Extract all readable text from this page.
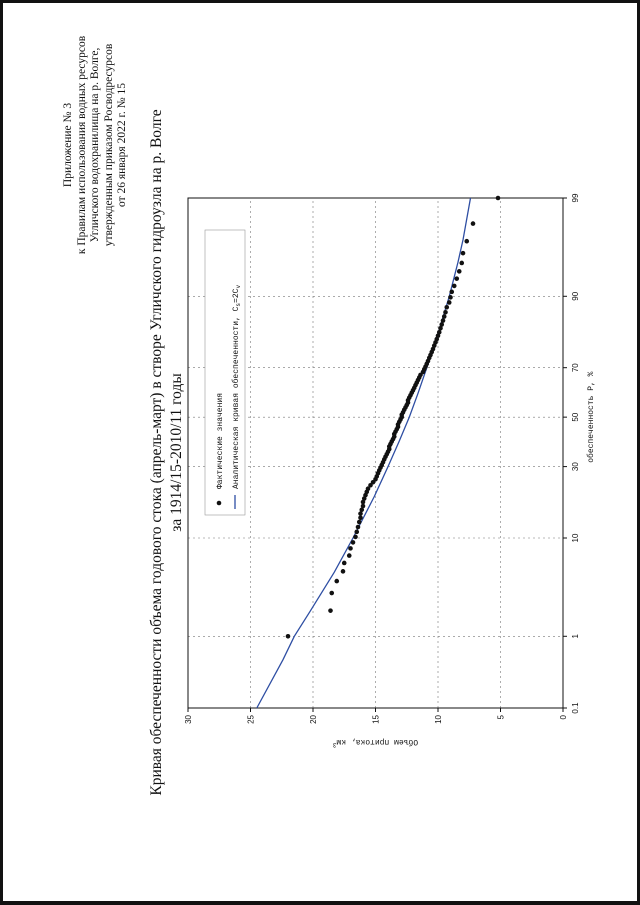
Приложение № 3 к Правилам использования водных ресурсов Угличского водохранилища на р. Волге, утвержденным приказом Росводресурсов от 26 января 2022 г. № 15 Кривая обеспеченности объема годового стока (апрель-март) в створе Угличского гидроузла на р. Волге за 1914/15-2010/11 годы
0.1
1
10
30
50
70
90
99
0
5
10
15
20
25
30
обеспеченность P, %
Объем притока, $км^3$
Фактические значения Аналитическая кривая обеспеченности, $C_s=2C_v$
